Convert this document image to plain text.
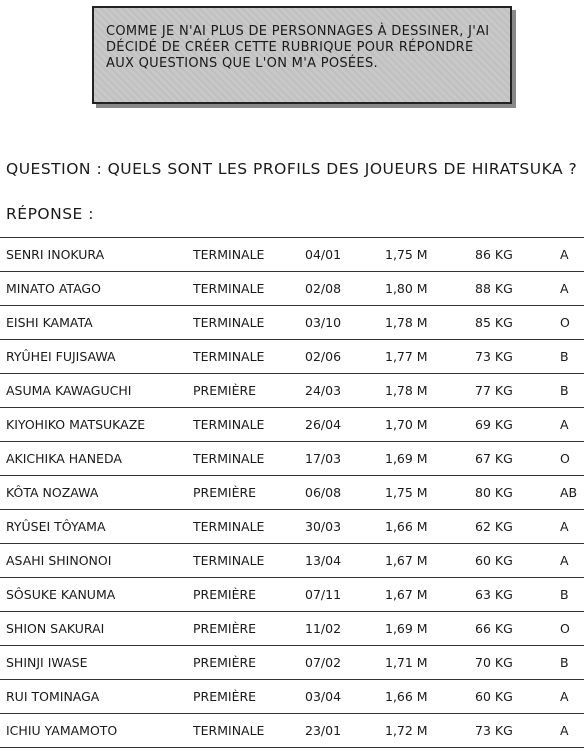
COMME JE N'AI PLUS DE PERSONNAGES À DESSINER, J'AI DÉCIDÉ DE CRÉER CETTE RUBRIQUE POUR RÉPONDRE AUX QUESTIONS QUE L'ON M'A POSÉES.

QUESTION : QUELS SONT LES PROFILS DES JOUEURS DE HIRATSUKA ?
RÉPONSE :
SENRI INOKURA	TERMINALE	04/01	1,75 M	86 KG	A
MINATO ATAGO	TERMINALE	02/08	1,80 M	88 KG	A
EISHI KAMATA	TERMINALE	03/10	1,78 M	85 KG	O
RYÛHEI FUJISAWA	TERMINALE	02/06	1,77 M	73 KG	B
ASUMA KAWAGUCHI	PREMIÈRE	24/03	1,78 M	77 KG	B
KIYOHIKO MATSUKAZE	TERMINALE	26/04	1,70 M	69 KG	A
AKICHIKA HANEDA	TERMINALE	17/03	1,69 M	67 KG	O
KÔTA NOZAWA	PREMIÈRE	06/08	1,75 M	80 KG	AB
RYÛSEI TÔYAMA	TERMINALE	30/03	1,66 M	62 KG	A
ASAHI SHINONOI	TERMINALE	13/04	1,67 M	60 KG	A
SÔSUKE KANUMA	PREMIÈRE	07/11	1,67 M	63 KG	B
SHION SAKURAI	PREMIÈRE	11/02	1,69 M	66 KG	O
SHINJI IWASE	PREMIÈRE	07/02	1,71 M	70 KG	B
RUI TOMINAGA	PREMIÈRE	03/04	1,66 M	60 KG	A
ICHIU YAMAMOTO	TERMINALE	23/01	1,72 M	73 KG	A
